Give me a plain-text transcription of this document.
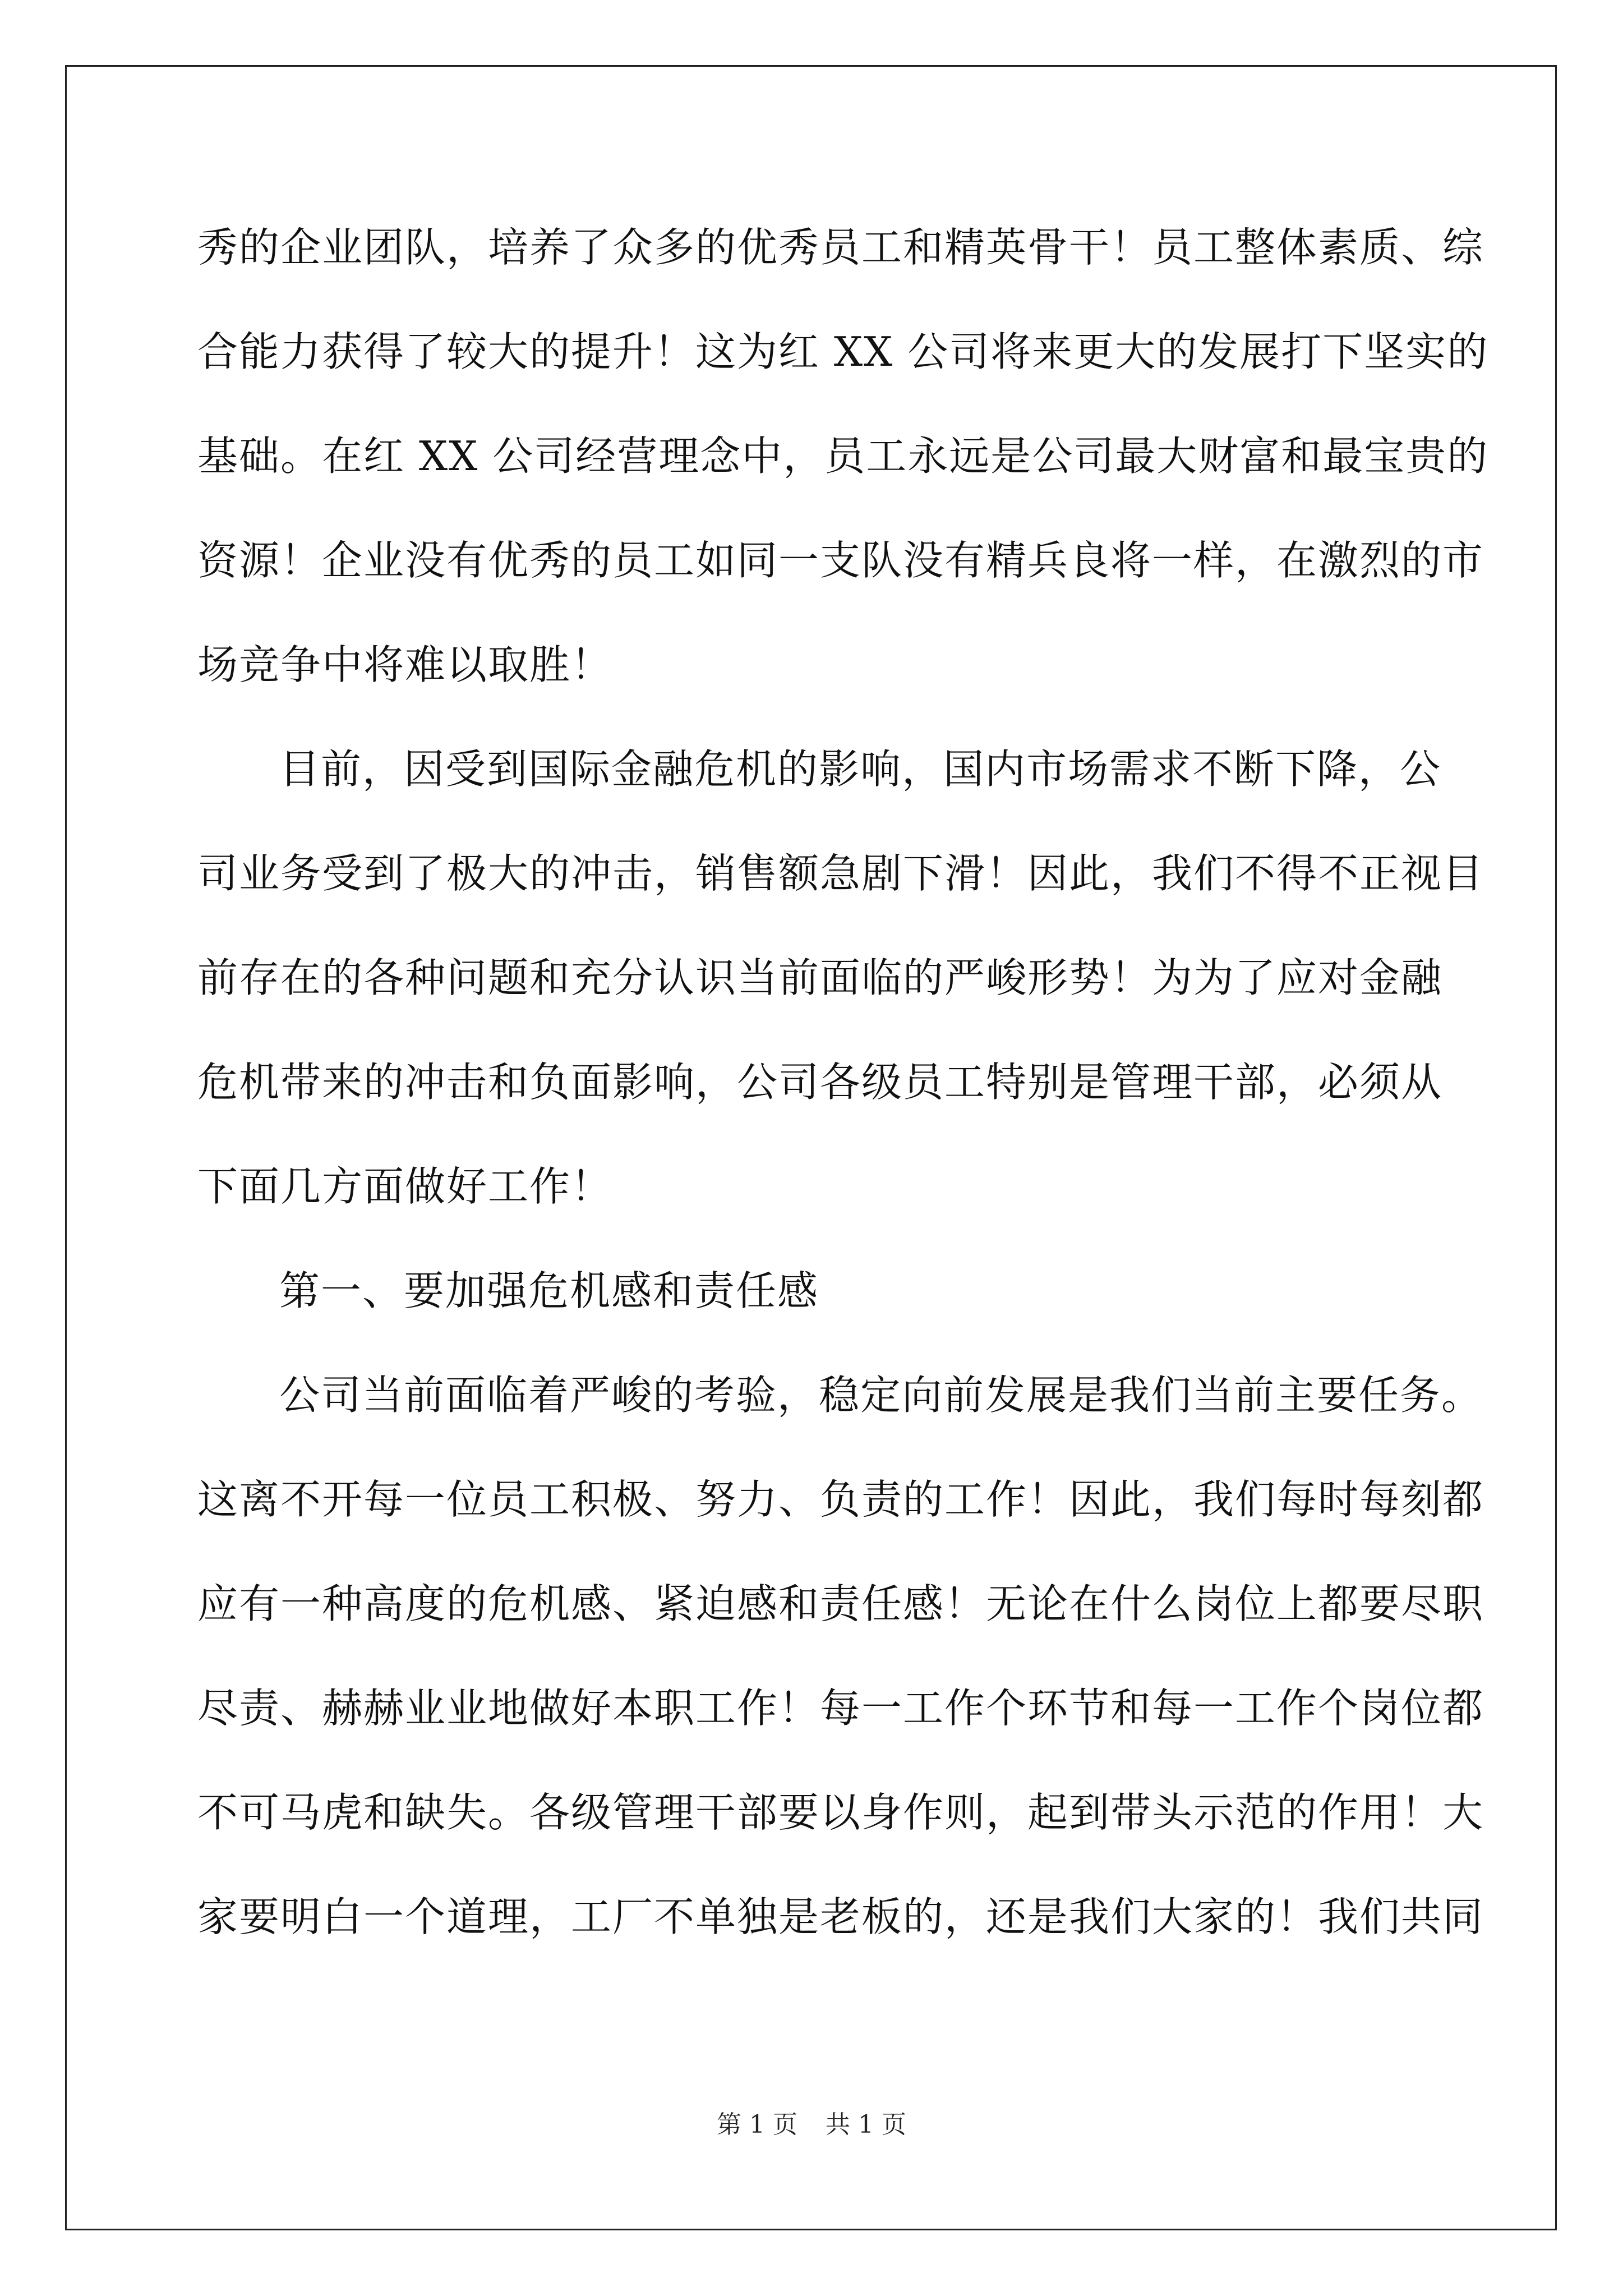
秀的企业团队，培养了众多的优秀员工和精英骨干！员工整体素质、综
合能力获得了较大的提升！这为红 XX 公司将来更大的发展打下坚实的
基础。在红 XX 公司经营理念中，员工永远是公司最大财富和最宝贵的
资源！企业没有优秀的员工如同一支队没有精兵良将一样，在激烈的市
场竞争中将难以取胜！
目前，因受到国际金融危机的影响，国内市场需求不断下降，公
司业务受到了极大的冲击，销售额急剧下滑！因此，我们不得不正视目
前存在的各种问题和充分认识当前面临的严峻形势！为为了应对金融
危机带来的冲击和负面影响，公司各级员工特别是管理干部，必须从
下面几方面做好工作！
第一、要加强危机感和责任感
公司当前面临着严峻的考验，稳定向前发展是我们当前主要任务。
这离不开每一位员工积极、努力、负责的工作！因此，我们每时每刻都
应有一种高度的危机感、紧迫感和责任感！无论在什么岗位上都要尽职
尽责、赫赫业业地做好本职工作！每一工作个环节和每一工作个岗位都
不可马虎和缺失。各级管理干部要以身作则，起到带头示范的作用！大
家要明白一个道理，工厂不单独是老板的，还是我们大家的！我们共同
第 1 页 共 1 页
